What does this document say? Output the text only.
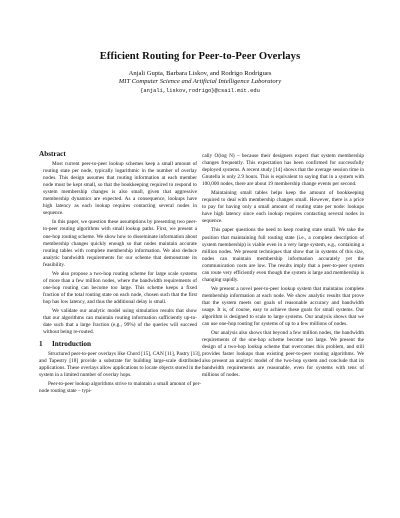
Efficient Routing for Peer-to-Peer Overlays
Anjali Gupta, Barbara Liskov, and Rodrigo Rodrigues
MIT Computer Science and Artificial Intelligence Laboratory
{anjali,liskov,rodrigo}@csail.mit.edu
Abstract

Most current peer-to-peer lookup schemes keep a small amount of routing state per node, typically logarithmic in the number of overlay nodes. This design assumes that routing information at each member node must be kept small, so that the bookkeeping required to respond to system membership changes is also small, given that aggressive membership dynamics are expected. As a consequence, lookups have high latency as each lookup requires contacting several nodes in sequence.

In this paper, we question these assumptions by presenting two peer-to-peer routing algorithms with small lookup paths. First, we present a one-hop routing scheme. We show how to disseminate information about membership changes quickly enough so that nodes maintain accurate routing tables with complete membership information. We also deduce analytic bandwidth requirements for our scheme that demonstrate its feasibility.

We also propose a two-hop routing scheme for large scale systems of more than a few million nodes, where the bandwidth requirements of one-hop routing can become too large. This scheme keeps a fixed fraction of the total routing state on each node, chosen such that the first hop has low latency, and thus the additional delay is small.

We validate our analytic model using simulation results that show that our algorithms can maintain routing information sufficiently up-to-date such that a large fraction (e.g., 99%) of the queries will succeed without being re-routed.

1 Introduction

Structured peer-to-peer overlays like Chord [15], CAN [11], Pastry [13], and Tapestry [18] provide a substrate for building large-scale distributed applications. These overlays allow applications to locate objects stored in the system in a limited number of overlay hops.

Peer-to-peer lookup algorithms strive to maintain a small amount of per-node routing state – typi-

cally O(log N) – because their designers expect that system membership changes frequently. This expectation has been confirmed for successfully deployed systems. A recent study [14] shows that the average session time in Gnutella is only 2.9 hours. This is equivalent to saying that in a system with 100,000 nodes, there are about 19 membership change events per second.

Maintaining small tables helps keep the amount of bookkeeping required to deal with membership changes small. However, there is a price to pay for having only a small amount of routing state per node: lookups have high latency since each lookup requires contacting several nodes in sequence.

This paper questions the need to keep routing state small. We take the position that maintaining full routing state (i.e., a complete description of system membership) is viable even in a very large system, e.g., containing a million nodes. We present techniques that show that in systems of this size, nodes can maintain membership information accurately yet the communication costs are low. The results imply that a peer-to-peer system can route very efficiently even though the system is large and membership is changing rapidly.

We present a novel peer-to-peer lookup system that maintains complete membership information at each node. We show analytic results that prove that the system meets our goals of reasonable accuracy and bandwidth usage. It is, of course, easy to achieve these goals for small systems. Our algorithm is designed to scale to large systems. Our analysis shows that we can use one-hop routing for systems of up to a few millions of nodes.

Our analysis also shows that beyond a few million nodes, the bandwidth requirements of the one-hop scheme become too large. We present the design of a two-hop lookup scheme that overcomes this problem, and still provides faster lookups than existing peer-to-peer routing algorithms. We also present an analytic model of the two-hop system and conclude that its bandwidth requirements are reasonable, even for systems with tens of millions of nodes.
